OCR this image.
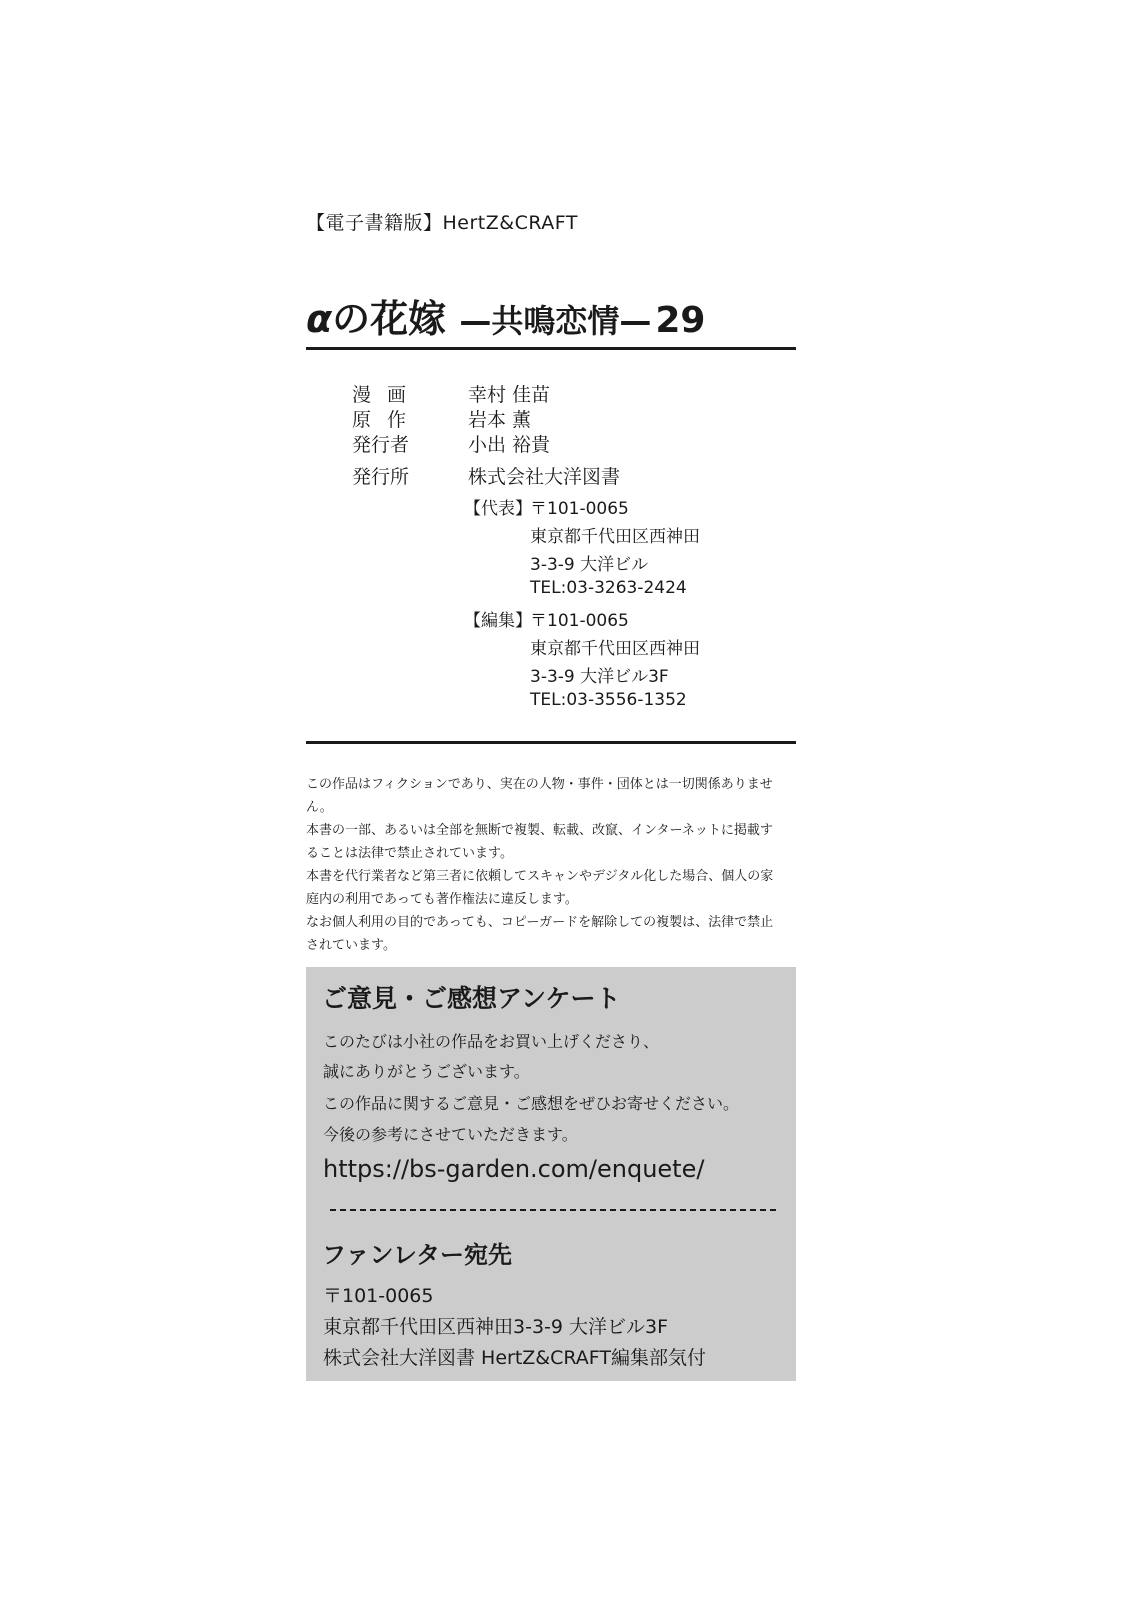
【電子書籍版】HertZ&CRAFT
αの花嫁 —共鳴恋情— 29
漫画 幸村 佳苗
原作 岩本 薫
発行者	小出 裕貴
発行所	株式会社大洋図書
【代表】
〒101-0065
東京都千代田区西神田
3-3-9 大洋ビル
TEL:03-3263-2424
【編集】
〒101-0065
東京都千代田区西神田
3-3-9 大洋ビル3F
TEL:03-3556-1352

この作品はフィクションであり、実在の人物・事件・団体とは一切関係ありません。

本書の一部、あるいは全部を無断で複製、転載、改竄、インターネットに掲載す

ることは法律で禁止されています。

本書を代行業者など第三者に依頼してスキャンやデジタル化した場合、個人の家

庭内の利用であっても著作権法に違反します。

なお個人利用の目的であっても、コピーガードを解除しての複製は、法律で禁止

されています。

ご意見・ご感想アンケート
このたびは小社の作品をお買い上げくださり、
誠にありがとうございます。
この作品に関するご意見・ご感想をぜひお寄せください。
今後の参考にさせていただきます。
https://bs-garden.com/enquete/
ファンレター宛先
〒101-0065
東京都千代田区西神田3-3-9 大洋ビル3F
株式会社大洋図書 HertZ&CRAFT編集部気付
